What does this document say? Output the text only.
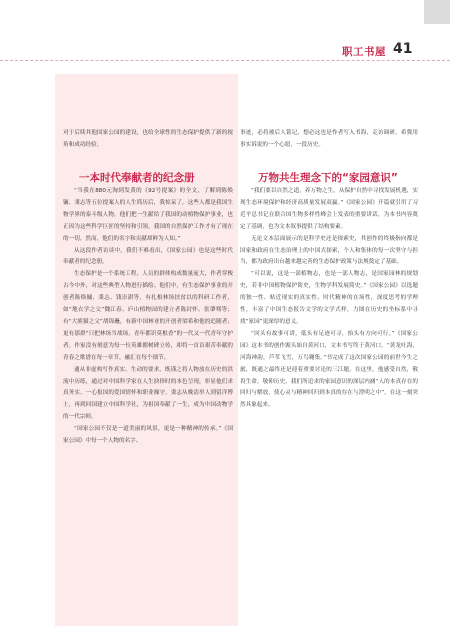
职工书屋 41

对于后续其他国家公园的建设，也给全球性的生态保护提供了新的视角和成功经验。

一本时代奉献者的纪念册

“当我在880元淘到发黄的《92号提案》的全文，了解到陈焕镛、秉志等五位提案人的人生简历后，我惊呆了，这些人都是我国生物学界的泰斗级人物，他们把一生献给了我国的动植物保护事业，也正因为这些科学巨匠的坚持和引领，我国的自然保护工作才有了现在的一切。然而，他们的名字和贡献却鲜为人知。”

从这段作者访谈中，我们不难看出，《国家公园》也是这些时代奉献者的纪念册。

生态保护是一个系统工程，人员的群体构成数量庞大，作者穿梭古今中外，对这些典型人物进行描绘。他们中，有生态保护事业的开创者陈焕镛、秉志、钱崇澍等，有扎根林场扶贫以的科研工作者，如“地衣学之父”魏江春、庐山植物园的建立者陈封怀、张肇骞等；有“大熊猫之父”胡锦矗，有新中国林业的开创者梁希和他的追随者；更有那群“只把林场当战场，青年都识莫根香”的一代又一代青年守护者。作家没有刻意为每一位英雄都树碑立传，却将一首首艰苦奉献的青春之歌谱在每一章节，融汇在每个细节。

通从非虚构写作真实、生动的要求，既谨之将人物放在历史的洪流中历练，通过对中国科学家在人生抉择时的本色呈现，彰显他们求真务实、一心报国的爱国情怀和职业操守。秉志从晚清举人到留洋博士，再到回国建立中国科学社，为祖国奉献了一生，成为中国动物学的一代宗师。

“国家公园不仅是一道美丽的风景，更是一种精神的传承。”《国家公园》中每一个人物的名字、

事迹，必将被后人铭记，想必这也是作者写入书海、走访调研，希冀用事实诉说的一个心愿，一段历史。

万物共生理念下的“家园意识”

“我们要以自然之道，养万物之生，从保护自然中寻找发展机遇，实现生态环境保护和经济高质量发展双赢。”《国家公园》开篇就引用了习近平总书记在联合国生物多样性峰会上发表的重要讲话，为本书内容奠定了基调，也为文本叙事提供了结构要素。

无论文本层面展示的是科学史还是探索史，其创作的终极指向都是国家和政府在生态治理上的中国式探索，个人和集体的每一次坚守与担当，都为政府出台越来越完善的生态保护政策与法规奠定了基础。

“可以说，这是一部植物志，也是一部人物志，是国家园林的规划史，若非中国植物保护简史，生物学科发展简史。”《国家公园》以选题的独一性、贴近现实的真实性、时代精神的在场性，深度思考的学理性，丰富了中国生态报告文学的文学式样，力图在历史的坐标系中寻找“家园”更深厚的意义。

“回头有故事可讲，低头有足迹可寻，抬头有方向可行。”《国家公园》这本书的创作源头始自黄河口，文本书写终于黄河口，“黄龙吐海，河海神韵，芦苇飞雪，万鸟翱集。”书完成了这次国家公园的前世今生之旅，既通之最终还是迎着重要讨论的三江题，在这里，他感受自然，敬畏生命，敬仰历史。我们所追求的家园意识的深层内涵“人的本真存在的回归与解放，使心灵与精神回归到本真的存在与澄明之中”，在这一刻突然具象起来。
